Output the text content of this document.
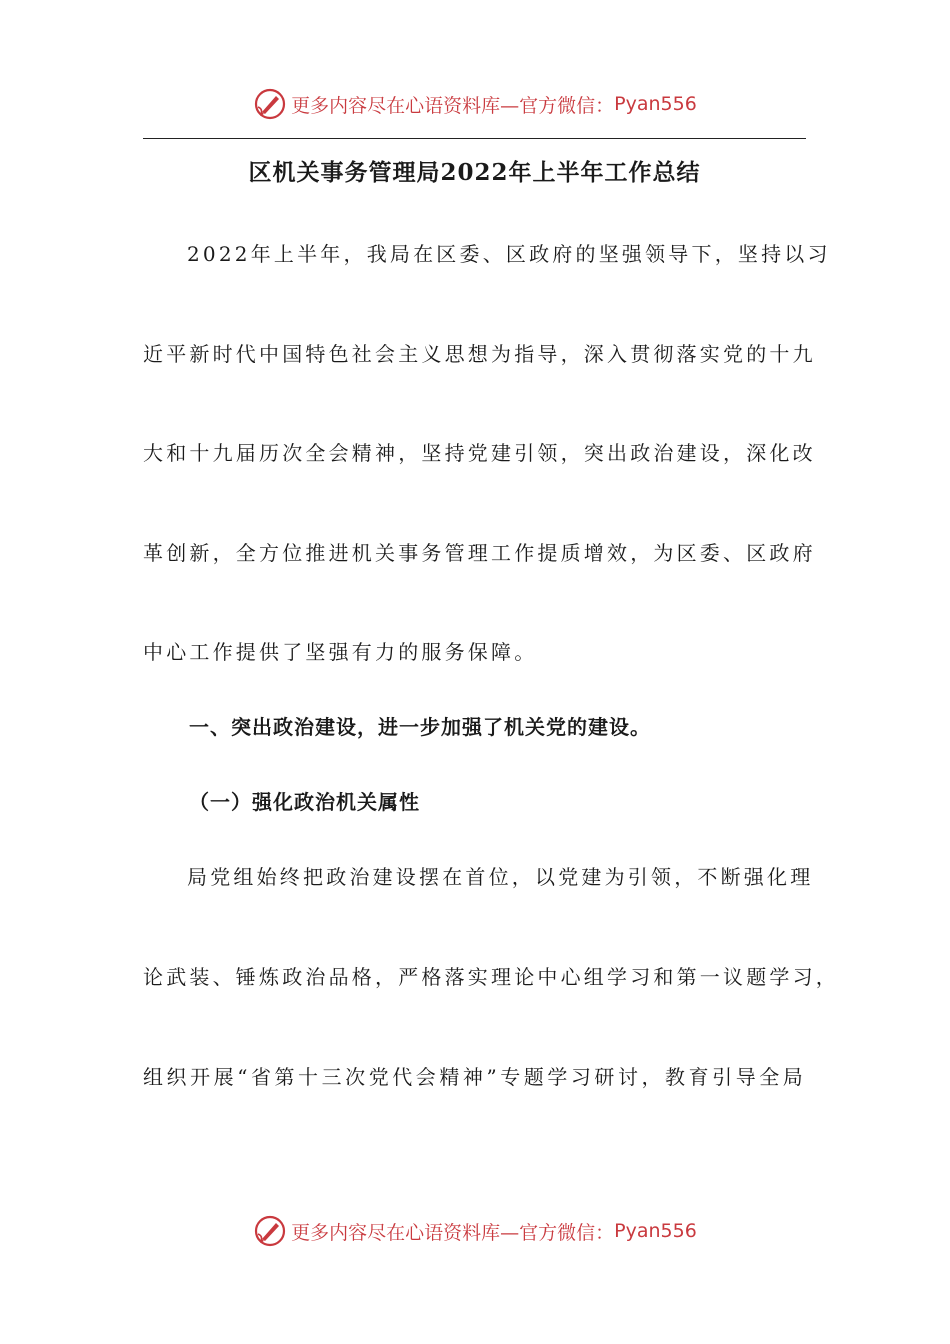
更多内容尽在心语资料库—官方微信： Pyan556
区机关事务管理局2022年上半年工作总结
2022年上半年，我局在区委、区政府的坚强领导下，坚持以习
近平新时代中国特色社会主义思想为指导，深入贯彻落实党的十九
大和十九届历次全会精神，坚持党建引领，突出政治建设，深化改
革创新，全方位推进机关事务管理工作提质增效，为区委、区政府
中心工作提供了坚强有力的服务保障。
一、突出政治建设，进一步加强了机关党的建设。
（一）强化政治机关属性
局党组始终把政治建设摆在首位，以党建为引领，不断强化理
论武装、锤炼政治品格，严格落实理论中心组学习和第一议题学习，
组织开展“省第十三次党代会精神”专题学习研讨，教育引导全局
更多内容尽在心语资料库—官方微信： Pyan556
